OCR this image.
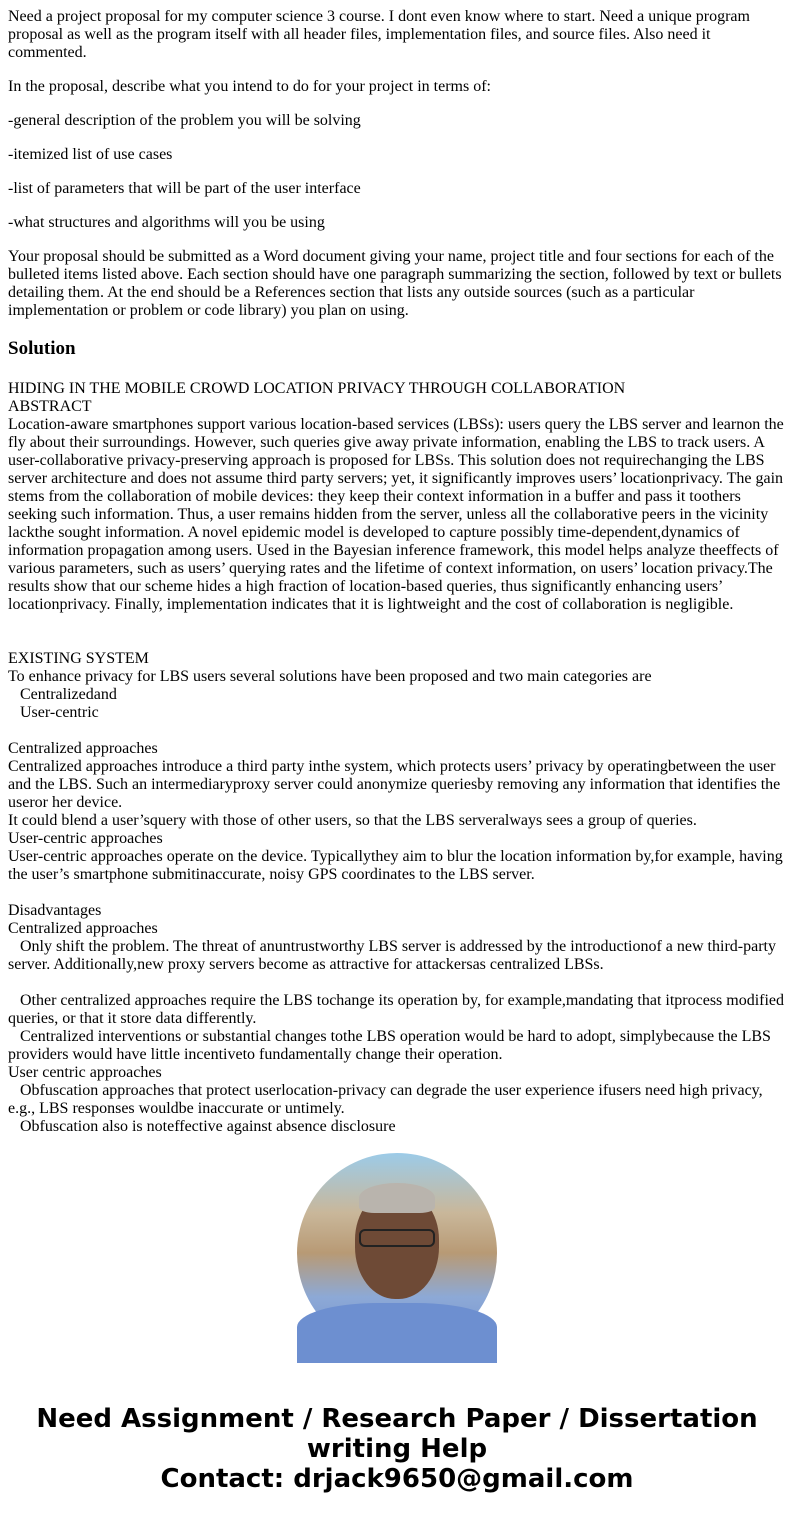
Need a project proposal for my computer science 3 course. I dont even know where to start. Need a unique program proposal as well as the program itself with all header files, implementation files, and source files. Also need it commented.

In the proposal, describe what you intend to do for your project in terms of:

-general description of the problem you will be solving

-itemized list of use cases

-list of parameters that will be part of the user interface

-what structures and algorithms will you be using

Your proposal should be submitted as a Word document giving your name, project title and four sections for each of the bulleted items listed above. Each section should have one paragraph summarizing the section, followed by text or bullets detailing them. At the end should be a References section that lists any outside sources (such as a particular implementation or problem or code library) you plan on using.

Solution
HIDING IN THE MOBILE CROWD LOCATION PRIVACY THROUGH COLLABORATION
ABSTRACT
Location-aware smartphones support various location-based services (LBSs): users query the LBS server and learnon the fly about their surroundings. However, such queries give away private information, enabling the LBS to track users. A user-collaborative privacy-preserving approach is proposed for LBSs. This solution does not requirechanging the LBS server architecture and does not assume third party servers; yet, it significantly improves users’ locationprivacy. The gain stems from the collaboration of mobile devices: they keep their context information in a buffer and pass it toothers seeking such information. Thus, a user remains hidden from the server, unless all the collaborative peers in the vicinity lackthe sought information. A novel epidemic model is developed to capture possibly time-dependent,dynamics of information propagation among users. Used in the Bayesian inference framework, this model helps analyze theeffects of various parameters, such as users’ querying rates and the lifetime of context information, on users’ location privacy.The results show that our scheme hides a high fraction of location-based queries, thus significantly enhancing users’ locationprivacy. Finally, implementation indicates that it is lightweight and the cost of collaboration is negligible.
EXISTING SYSTEM
To enhance privacy for LBS users several solutions have been proposed and two main categories are
Centralizedand
User-centric
Centralized approaches
Centralized approaches introduce a third party inthe system, which protects users’ privacy by operatingbetween the user and the LBS. Such an intermediaryproxy server could anonymize queriesby removing any information that identifies the useror her device.
It could blend a user’squery with those of other users, so that the LBS serveralways sees a group of queries.
User-centric approaches
User-centric approaches operate on the device. Typicallythey aim to blur the location information by,for example, having the user’s smartphone submitinaccurate, noisy GPS coordinates to the LBS server.
Disadvantages
Centralized approaches
Only shift the problem. The threat of anuntrustworthy LBS server is addressed by the introductionof a new third-party server. Additionally,new proxy servers become as attractive for attackersas centralized LBSs.
Other centralized approaches require the LBS tochange its operation by, for example,mandating that itprocess modified queries, or that it store data differently.
Centralized interventions or substantial changes tothe LBS operation would be hard to adopt, simplybecause the LBS providers would have little incentiveto fundamentally change their operation.
User centric approaches
Obfuscation approaches that protect userlocation-privacy can degrade the user experience ifusers need high privacy, e.g., LBS responses wouldbe inaccurate or untimely.
Obfuscation also is noteffective against absence disclosure
Need Assignment / Research Paper / Dissertation writing Help
Contact: drjack9650@gmail.com
